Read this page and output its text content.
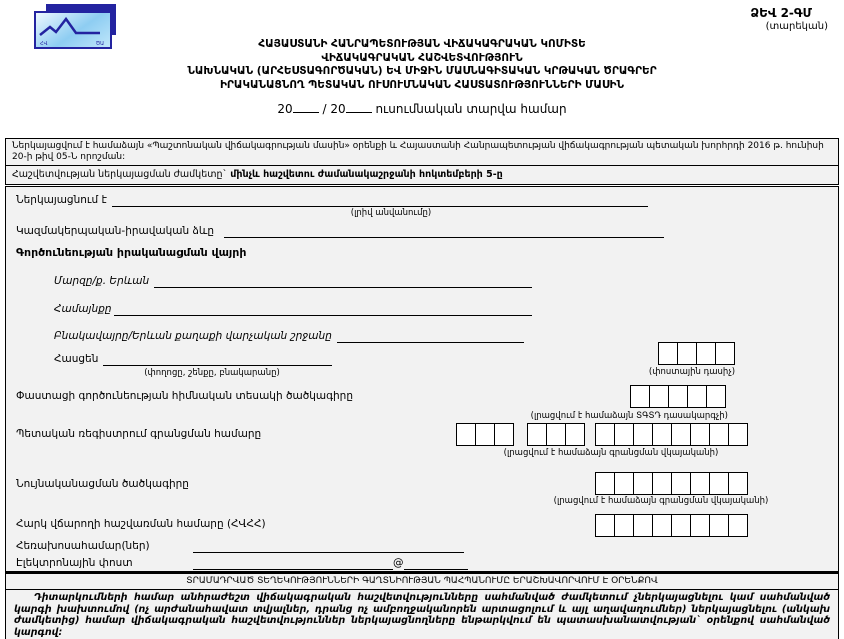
ՀՎ	ԾԱ
ՁԵՎ 2-ԳՄ
(տարեկան)
ՀԱՅԱՍՏԱՆԻ ՀԱՆՐԱՊԵՏՈՒԹՅԱՆ ՎԻՃԱԿԱԳՐԱԿԱՆ ԿՈՄԻՏԵ
ՎԻՃԱԿԱԳՐԱԿԱՆ ՀԱՇՎԵՏՎՈՒԹՅՈՒՆ
ՆԱԽՆԱԿԱՆ (ԱՐՀԵՍՏԱԳՈՐԾԱԿԱՆ) ԵՎ ՄԻՋԻՆ ՄԱՍՆԱԳԻՏԱԿԱՆ ԿՐԹԱԿԱՆ ԾՐԱԳՐԵՐ
ԻՐԱԿԱՆԱՑՆՈՂ ՊԵՏԱԿԱՆ ՈՒՍՈՒՄՆԱԿԱՆ ՀԱՍՏԱՏՈՒԹՅՈՒՆՆԵՐԻ ՄԱՍԻՆ
20 / 20 ուսումնական տարվա համար
Ներկայացվում է համաձայն «Պաշտոնական վիճակագրության մասին» օրենքի և Հայաստանի Հանրապետության վիճակագրության պետական խորհրդի 2016 թ. հունիսի 20-ի թիվ 05-Ն որոշման:
Հաշվետվության ներկայացման ժամկետը` մինչև հաշվետու ժամանակաշրջանի հոկտեմբերի 5-ը
Ներկայացնում է
(լրիվ անվանումը)
Կազմակերպական-իրավական ձևը
Գործունեության իրականացման վայրի
Մարզը/ք. Երևան
Համայնքը
Բնակավայրը/Երևան քաղաքի վարչական շրջանը
Հասցեն
(փողոցը, շենքը, բնակարանը)	(փոստային դասիչ)
Փաստացի գործունեության հիմնական տեսակի ծածկագիրը
(լրացվում է համաձայն ՏԳՏԴ դասակարգչի)
Պետական ռեգիստրում գրանցման համարը
(լրացվում է համաձայն գրանցման վկայականի)
Նույնականացման ծածկագիրը
(լրացվում է համաձայն գրանցման վկայականի)
Հարկ վճարողի հաշվառման համարը (ՀՎՀՀ)
Հեռախոսահամար(ներ)
Էլեկտրոնային փոստ	@
ՏՐԱՄԱԴՐՎԱԾ ՏԵՂԵԿՈՒԹՅՈՒՆՆԵՐԻ ԳԱՂՏՆԻՈՒԹՅԱՆ ՊԱՀՊԱՆՈՒՄԸ ԵՐԱՇԽԱՎՈՐՎՈՒՄ Է ՕՐԵՆՔՈՎ
Դիտարկումների համար անհրաժեշտ վիճակագրական հաշվետվությունները սահմանված ժամկետում չներկայացնելու կամ սահմանված կարգի խախտումով (ոչ արժանահավատ տվյալներ, դրանց ոչ ամբողջականորեն արտացոլում և այլ աղավաղումներ) ներկայացնելու (անկախ ժամկետից) համար վիճակագրական հաշվետվություններ ներկայացնողները ենթարկվում են պատասխանատվության` օրենքով սահմանված կարգով:
